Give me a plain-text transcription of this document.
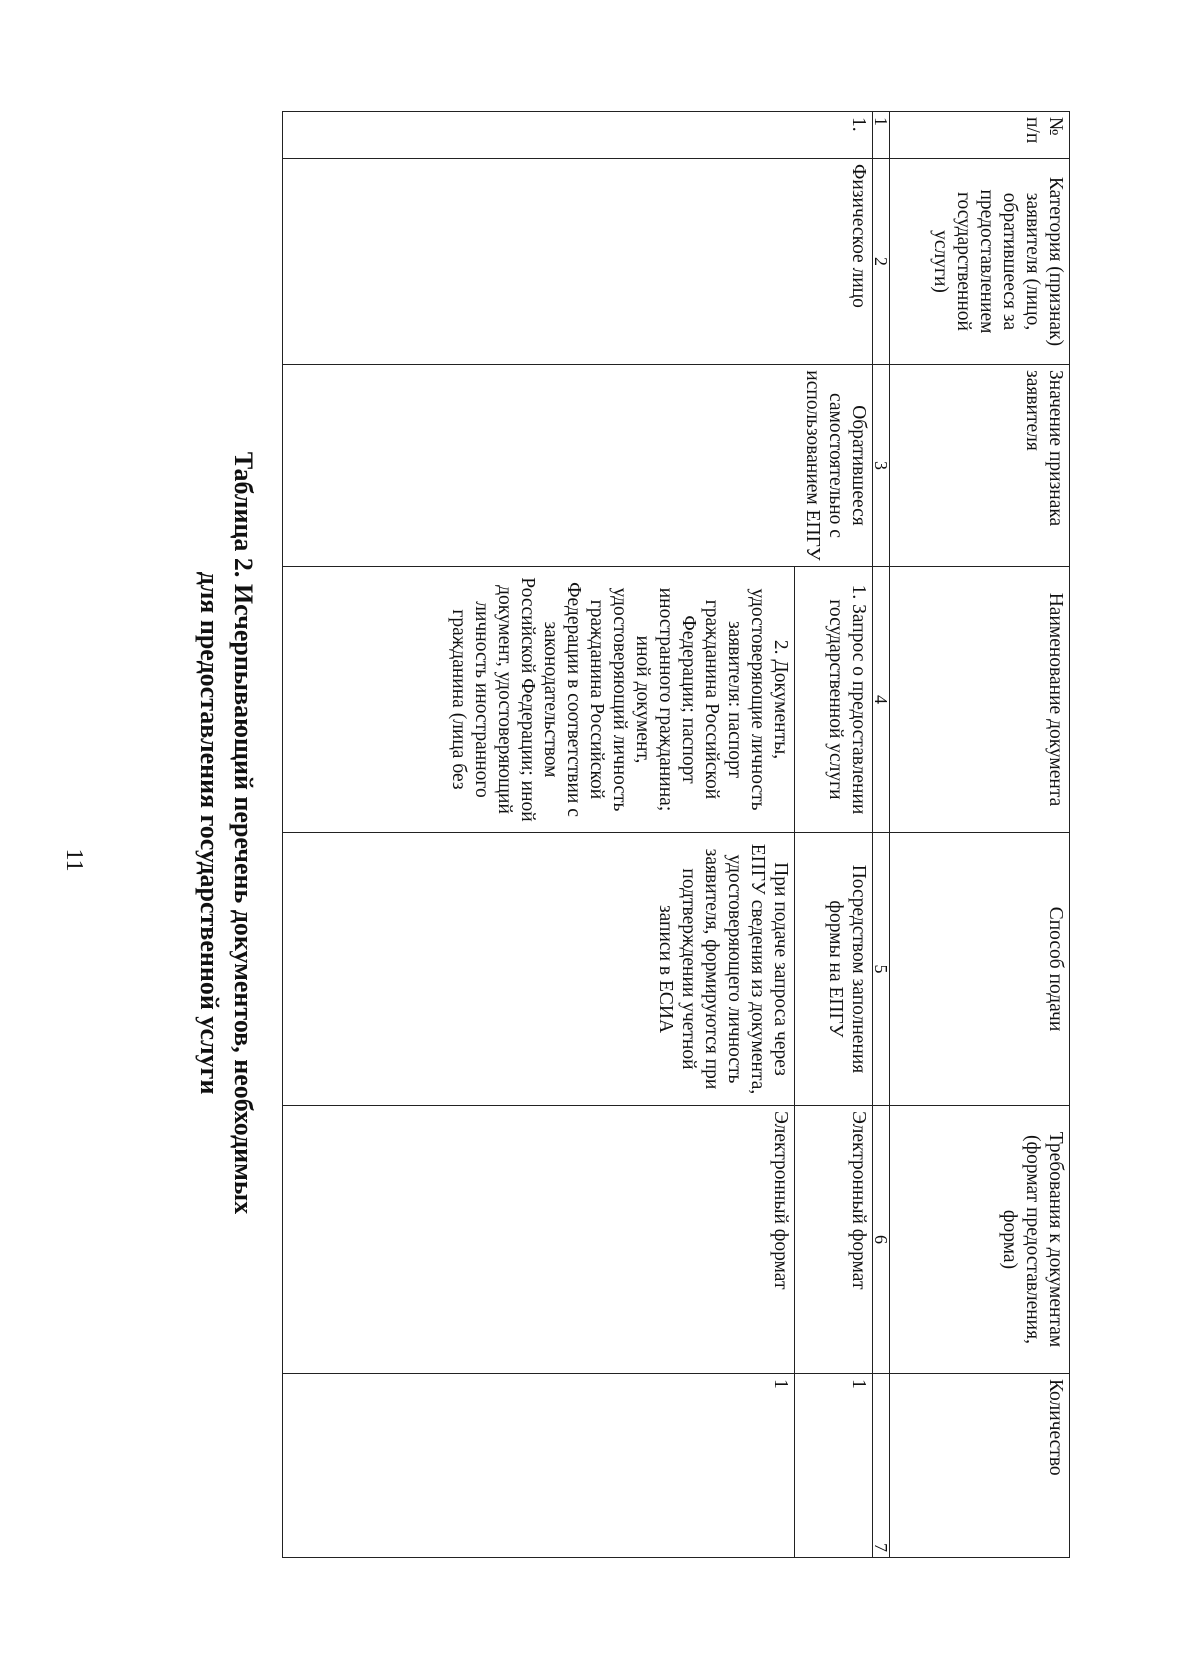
11
№ п/п	Категория (признак) заявителя (лицо, обратившееся за предоставлением государственной услуги)	Значение признака заявителя	Наименование документа	Способ подачи	Требования к документам (формат предоставления, форма)	Количество
1	2	3	4	5	6	7
1.	Физическое лицо	Обратившееся самостоятельно с использованием ЕПГУ	1. Запрос о предоставлении государственной услуги	Посредством заполнения формы на ЕПГУ	Электронный формат	1
			2. Документы, удостоверяющие личность заявителя: паспорт гражданина Российской Федерации; паспорт иностранного гражданина; иной документ, удостоверяющий личность гражданина Российской Федерации в соответствии с законодательством Российской Федерации; иной документ, удостоверяющий личность иностранного гражданина (лица без	При подаче запроса через ЕПГУ сведения из документа, удостоверяющего личность заявителя, формируются при подтверждении учетной записи в ЕСИА	Электронный формат	1
Таблица 2. Исчерпывающий перечень документов, необходимых
для предоставления государственной услуги
